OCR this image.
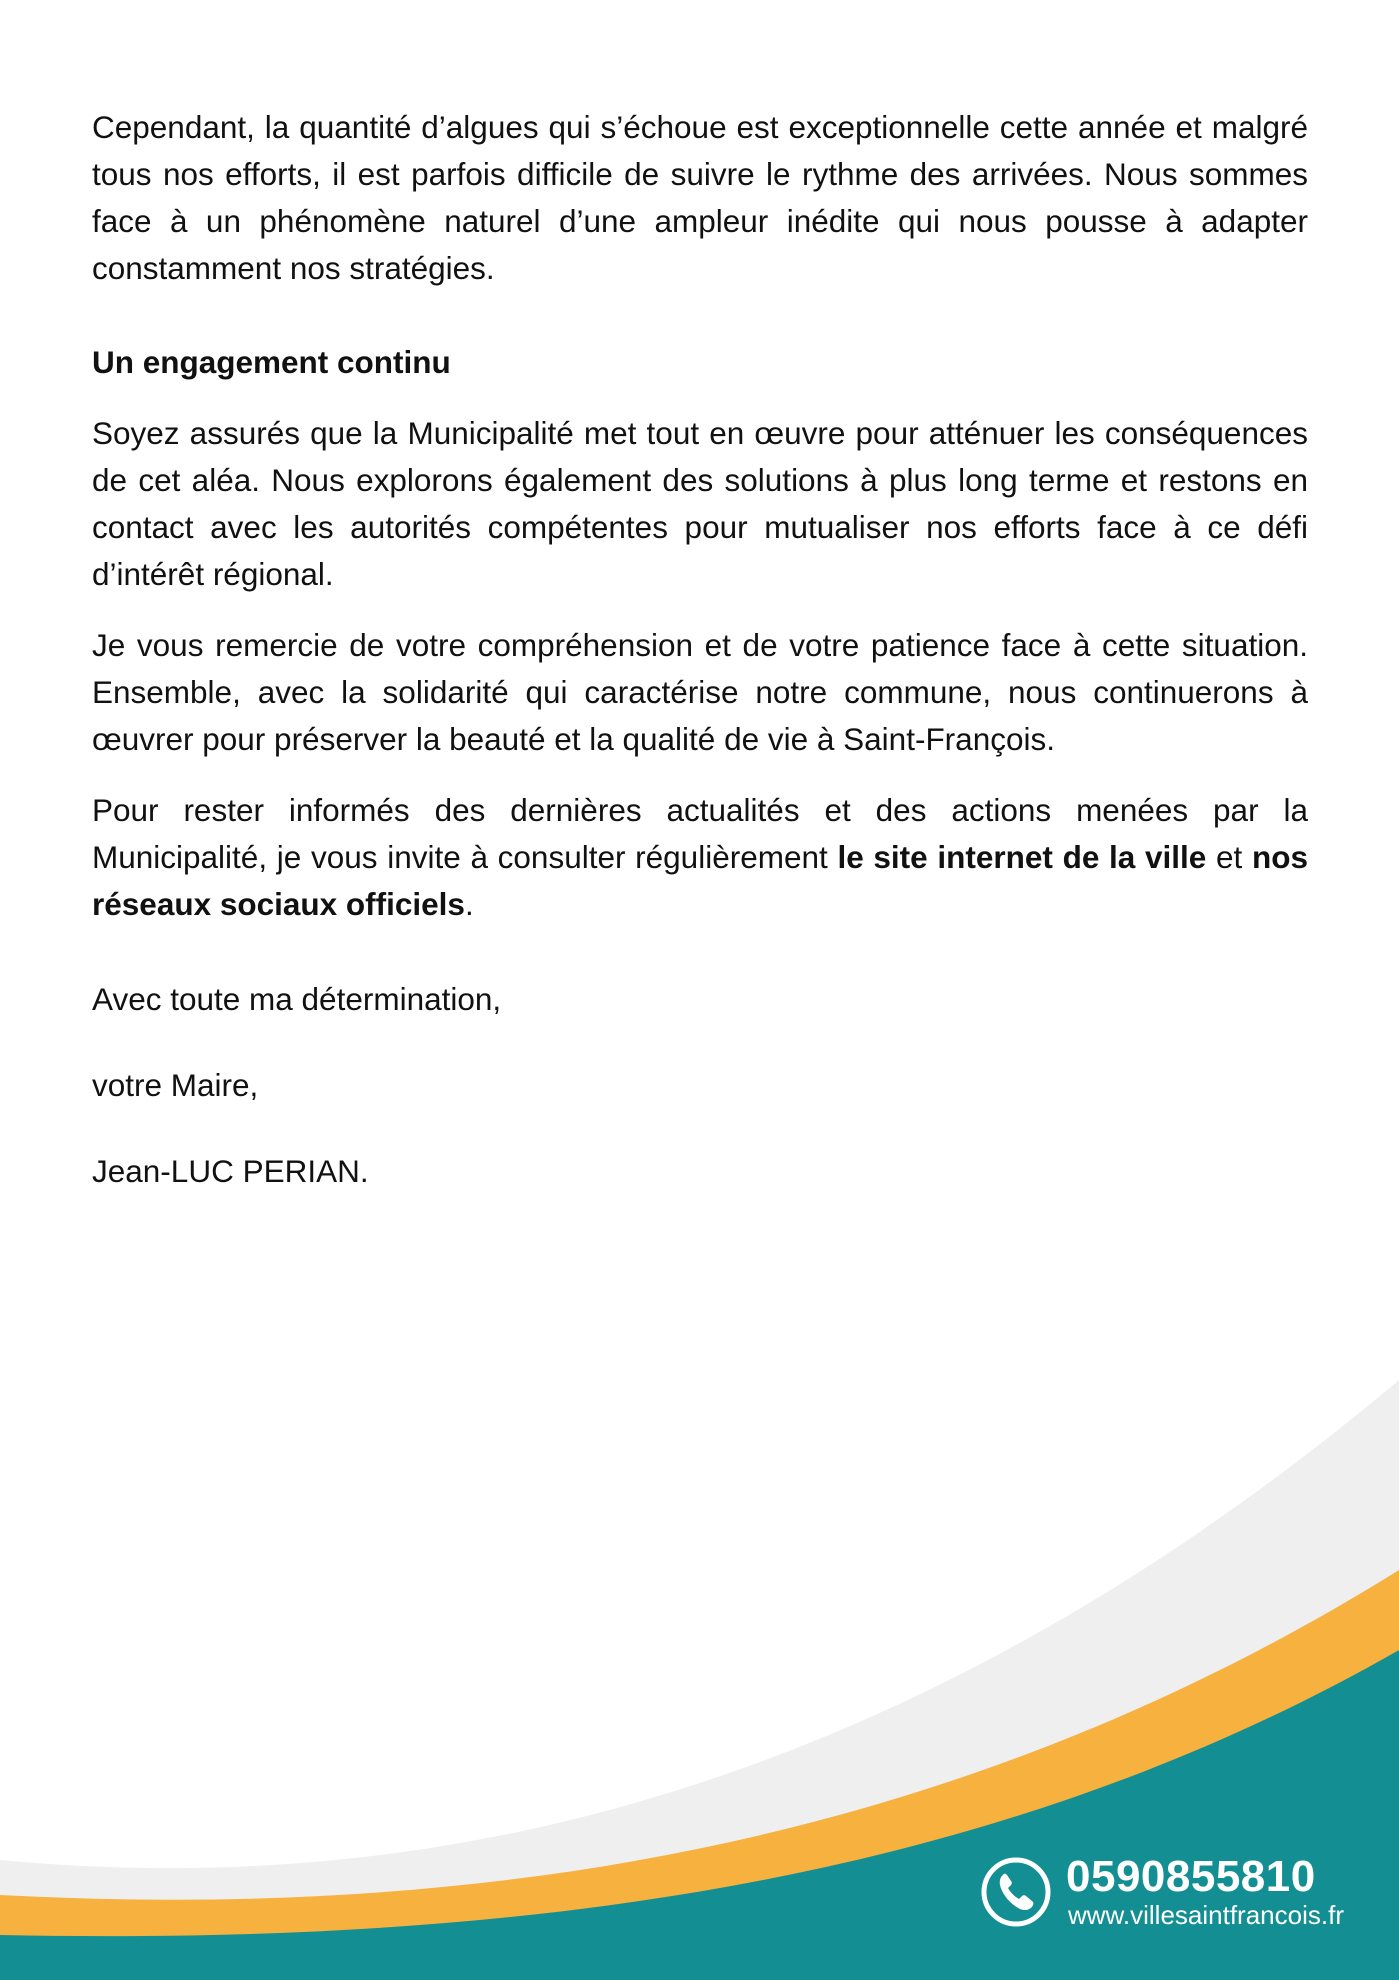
Cependant, la quantité d’algues qui s’échoue est exceptionnelle cette année et malgré tous nos efforts, il est parfois difficile de suivre le rythme des arrivées. Nous sommes face à un phénomène naturel d’une ampleur inédite qui nous pousse à adapter constamment nos stratégies.

Un engagement continu

Soyez assurés que la Municipalité met tout en œuvre pour atténuer les conséquences de cet aléa. Nous explorons également des solutions à plus long terme et restons en contact avec les autorités compétentes pour mutualiser nos efforts face à ce défi d’intérêt régional.

Je vous remercie de votre compréhension et de votre patience face à cette situation. Ensemble, avec la solidarité qui caractérise notre commune, nous continuerons à œuvrer pour préserver la beauté et la qualité de vie à Saint-François.

Pour rester informés des dernières actualités et des actions menées par la Municipalité, je vous invite à consulter régulièrement le site internet de la ville et nos réseaux sociaux officiels.

Avec toute ma détermination,

votre Maire,

Jean-LUC PERIAN.

0590855810
www.villesaintfrancois.fr
